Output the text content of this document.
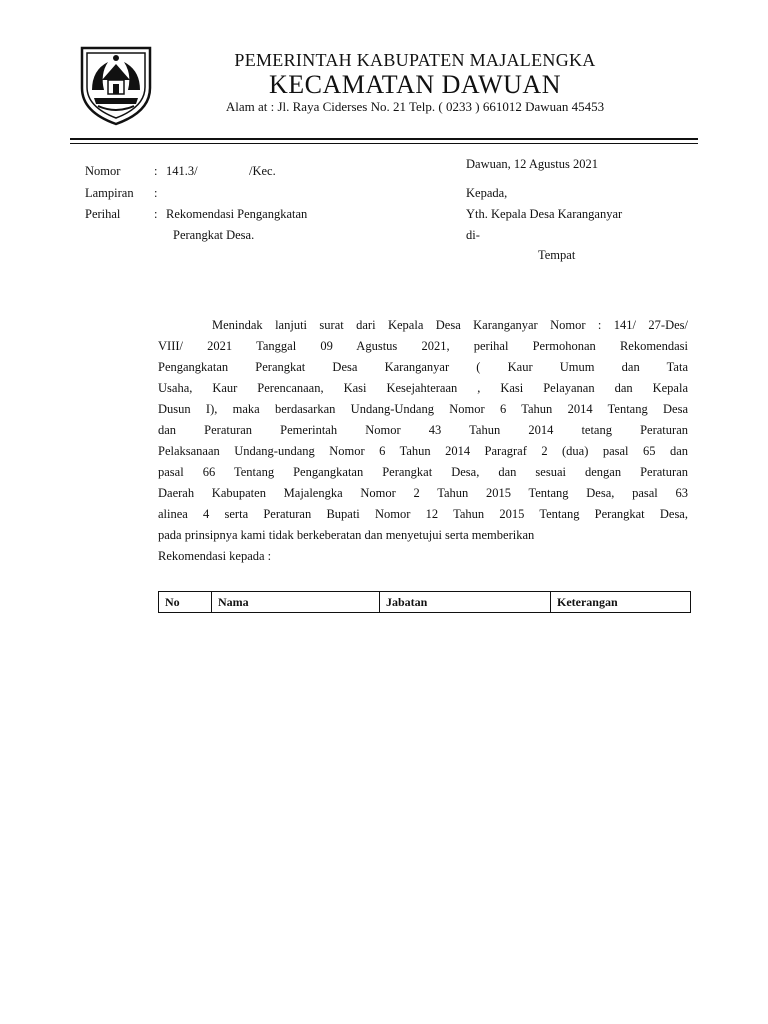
PEMERINTAH KABUPATEN MAJALENGKA
KECAMATAN DAWUAN
Alam at : Jl. Raya Ciderses No. 21 Telp. ( 0233 ) 661012 Dawuan 45453
Dawuan, 12 Agustus 2021
Nomor	: 141.3/	/Kec.
Lampiran :
Perihal	: Rekomendasi Pengangkatan
Perangkat Desa.
Kepada,
Yth. Kepala Desa Karanganyar
di-
Tempat
Menindak lanjuti surat dari Kepala Desa Karanganyar Nomor : 141/ 27-Des/
VIII/ 2021 Tanggal 09 Agustus 2021, perihal Permohonan Rekomendasi
Pengangkatan Perangkat Desa Karanganyar ( Kaur Umum dan Tata
Usaha, Kaur Perencanaan, Kasi Kesejahteraan , Kasi Pelayanan dan Kepala
Dusun I), maka berdasarkan Undang-Undang Nomor 6 Tahun 2014 Tentang Desa
dan Peraturan Pemerintah Nomor 43 Tahun 2014 tetang Peraturan
Pelaksanaan Undang-undang Nomor 6 Tahun 2014 Paragraf 2 (dua) pasal 65 dan
pasal 66 Tentang Pengangkatan Perangkat Desa, dan sesuai dengan Peraturan
Daerah Kabupaten Majalengka Nomor 2 Tahun 2015 Tentang Desa, pasal 63
alinea 4 serta Peraturan Bupati Nomor 12 Tahun 2015 Tentang Perangkat Desa,
pada prinsipnya kami tidak berkeberatan dan menyetujui serta memberikan
Rekomendasi kepada :
No	Nama	Jabatan	Keterangan
